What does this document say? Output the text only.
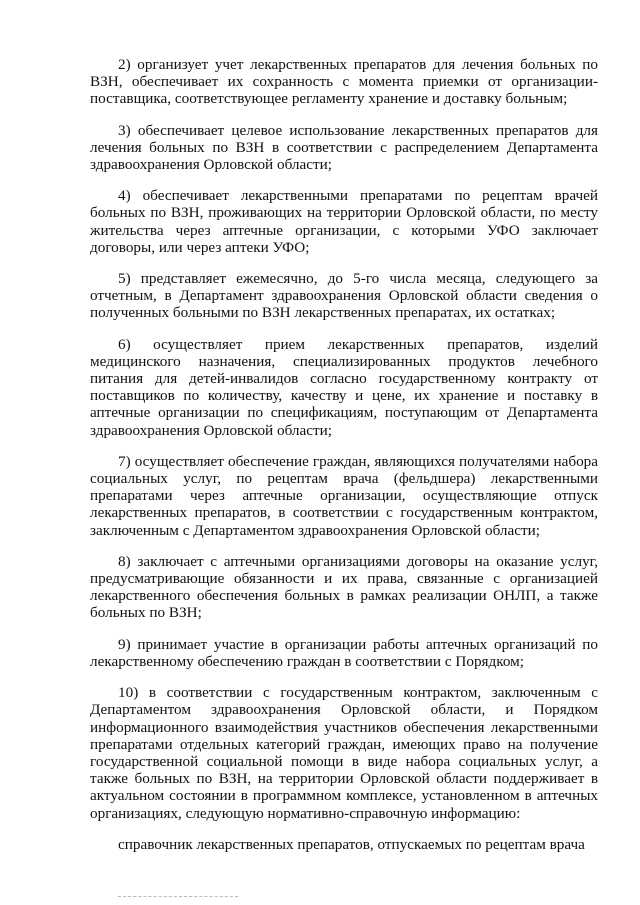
2) организует учет лекарственных препаратов для лечения больных по ВЗН, обеспечивает их сохранность с момента приемки от организации-поставщика, соответствующее регламенту хранение и доставку больным;

3) обеспечивает целевое использование лекарственных препаратов для лечения больных по ВЗН в соответствии с распределением Департамента здравоохранения Орловской области;

4) обеспечивает лекарственными препаратами по рецептам врачей больных по ВЗН, проживающих на территории Орловской области, по месту жительства через аптечные организации, с которыми УФО заключает договоры, или через аптеки УФО;

5) представляет ежемесячно, до 5-го числа месяца, следующего за отчетным, в Департамент здравоохранения Орловской области сведения о полученных больными по ВЗН лекарственных препаратах, их остатках;

6) осуществляет прием лекарственных препаратов, изделий медицинского назначения, специализированных продуктов лечебного питания для детей-инвалидов согласно государственному контракту от поставщиков по количеству, качеству и цене, их хранение и поставку в аптечные организации по спецификациям, поступающим от Департамента здравоохранения Орловской области;

7) осуществляет обеспечение граждан, являющихся получателями набора социальных услуг, по рецептам врача (фельдшера) лекарственными препаратами через аптечные организации, осуществляющие отпуск лекарственных препаратов, в соответствии с государственным контрактом, заключенным с Департаментом здравоохранения Орловской области;

8) заключает с аптечными организациями договоры на оказание услуг, предусматривающие обязанности и их права, связанные с организацией лекарственного обеспечения больных в рамках реализации ОНЛП, а также больных по ВЗН;

9) принимает участие в организации работы аптечных организаций по лекарственному обеспечению граждан в соответствии с Порядком;

10) в соответствии с государственным контрактом, заключенным с Департаментом здравоохранения Орловской области, и Порядком информационного взаимодействия участников обеспечения лекарственными препаратами отдельных категорий граждан, имеющих право на получение государственной социальной помощи в виде набора социальных услуг, а также больных по ВЗН, на территории Орловской области поддерживает в актуальном состоянии в программном комплексе, установленном в аптечных организациях, следующую нормативно-справочную информацию:

справочник лекарственных препаратов, отпускаемых по рецептам врача
